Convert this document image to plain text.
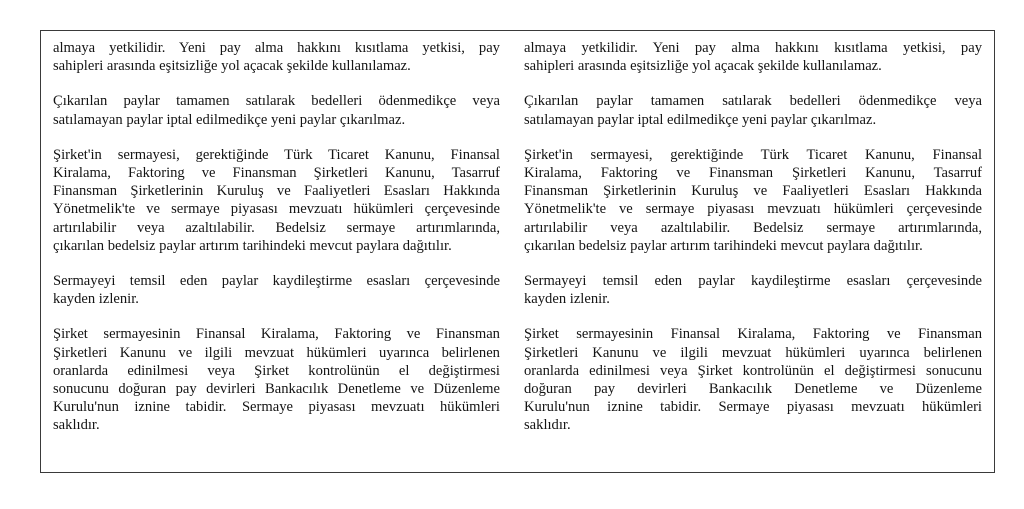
almaya yetkilidir. Yeni pay alma hakkını kısıtlama yetkisi, pay
sahipleri arasında eşitsizliğe yol açacak şekilde kullanılamaz.

Çıkarılan paylar tamamen satılarak bedelleri ödenmedikçe veya
satılamayan paylar iptal edilmedikçe yeni paylar çıkarılmaz.

Şirket'in sermayesi, gerektiğinde Türk Ticaret Kanunu, Finansal
Kiralama, Faktoring ve Finansman Şirketleri Kanunu, Tasarruf
Finansman Şirketlerinin Kuruluş ve Faaliyetleri Esasları Hakkında
Yönetmelik'te ve sermaye piyasası mevzuatı hükümleri çerçevesinde
artırılabilir veya azaltılabilir. Bedelsiz sermaye artırımlarında,
çıkarılan bedelsiz paylar artırım tarihindeki mevcut paylara dağıtılır.

Sermayeyi temsil eden paylar kaydileştirme esasları çerçevesinde
kayden izlenir.

Şirket sermayesinin Finansal Kiralama, Faktoring ve Finansman
Şirketleri Kanunu ve ilgili mevzuat hükümleri uyarınca belirlenen
oranlarda edinilmesi veya Şirket kontrolünün el değiştirmesi
sonucunu doğuran pay devirleri Bankacılık Denetleme ve Düzenleme
Kurulu'nun iznine tabidir. Sermaye piyasası mevzuatı hükümleri
saklıdır.

almaya yetkilidir. Yeni pay alma hakkını kısıtlama yetkisi, pay
sahipleri arasında eşitsizliğe yol açacak şekilde kullanılamaz.

Çıkarılan paylar tamamen satılarak bedelleri ödenmedikçe veya
satılamayan paylar iptal edilmedikçe yeni paylar çıkarılmaz.

Şirket'in sermayesi, gerektiğinde Türk Ticaret Kanunu, Finansal
Kiralama, Faktoring ve Finansman Şirketleri Kanunu, Tasarruf
Finansman Şirketlerinin Kuruluş ve Faaliyetleri Esasları Hakkında
Yönetmelik'te ve sermaye piyasası mevzuatı hükümleri çerçevesinde
artırılabilir veya azaltılabilir. Bedelsiz sermaye artırımlarında,
çıkarılan bedelsiz paylar artırım tarihindeki mevcut paylara dağıtılır.

Sermayeyi temsil eden paylar kaydileştirme esasları çerçevesinde
kayden izlenir.

Şirket sermayesinin Finansal Kiralama, Faktoring ve Finansman
Şirketleri Kanunu ve ilgili mevzuat hükümleri uyarınca belirlenen
oranlarda edinilmesi veya Şirket kontrolünün el değiştirmesi sonucunu
doğuran pay devirleri Bankacılık Denetleme ve Düzenleme
Kurulu'nun iznine tabidir. Sermaye piyasası mevzuatı hükümleri
saklıdır.
